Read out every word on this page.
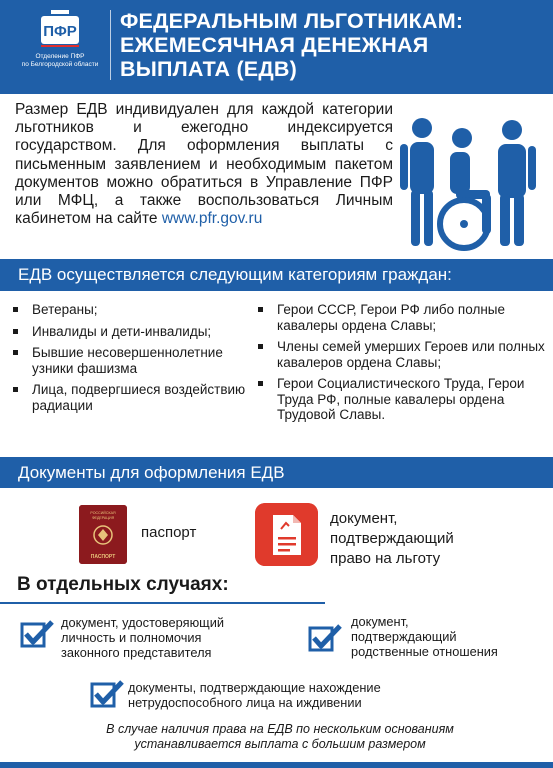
ПФР
Отделение ПФР
по Белгородской области
ФЕДЕРАЛЬНЫМ ЛЬГОТНИКАМ:
ЕЖЕМЕСЯЧНАЯ ДЕНЕЖНАЯ
ВЫПЛАТА (ЕДВ)
Размер ЕДВ индивидуален для каждой категории льготников и ежегодно индексируется государством. Для оформления выплаты с письменным заявлением и необходимым пакетом документов можно обратиться в Управление ПФР или МФЦ, а также воспользоваться Личным кабинетом на сайте www.pfr.gov.ru
ЕДВ осуществляется следующим категориям граждан:
Ветераны;
Инвалиды и дети-инвалиды;
Бывшие несовершеннолетние узники фашизма
Лица, подвергшиеся воздействию радиации
Герои СССР, Герои РФ либо полные кавалеры ордена Славы;
Члены семей умерших Героев или полных кавалеров ордена Славы;
Герои Социалистического Труда, Герои Труда РФ, полные кавалеры ордена Трудовой Славы.
Документы для оформления ЕДВ
РОССИЙСКАЯ
ФЕДЕРАЦИЯ
ПАСПОРТ
паспорт
документ,
подтверждающий
право на льготу
В отдельных случаях:
документ, удостоверяющий
личность и полномочия
законного представителя
документ,
подтверждающий
родственные отношения
документы, подтверждающие нахождение
нетрудоспособного лица на иждивении
В случае наличия права на ЕДВ по нескольким основаниям
устанавливается выплата с большим размером
